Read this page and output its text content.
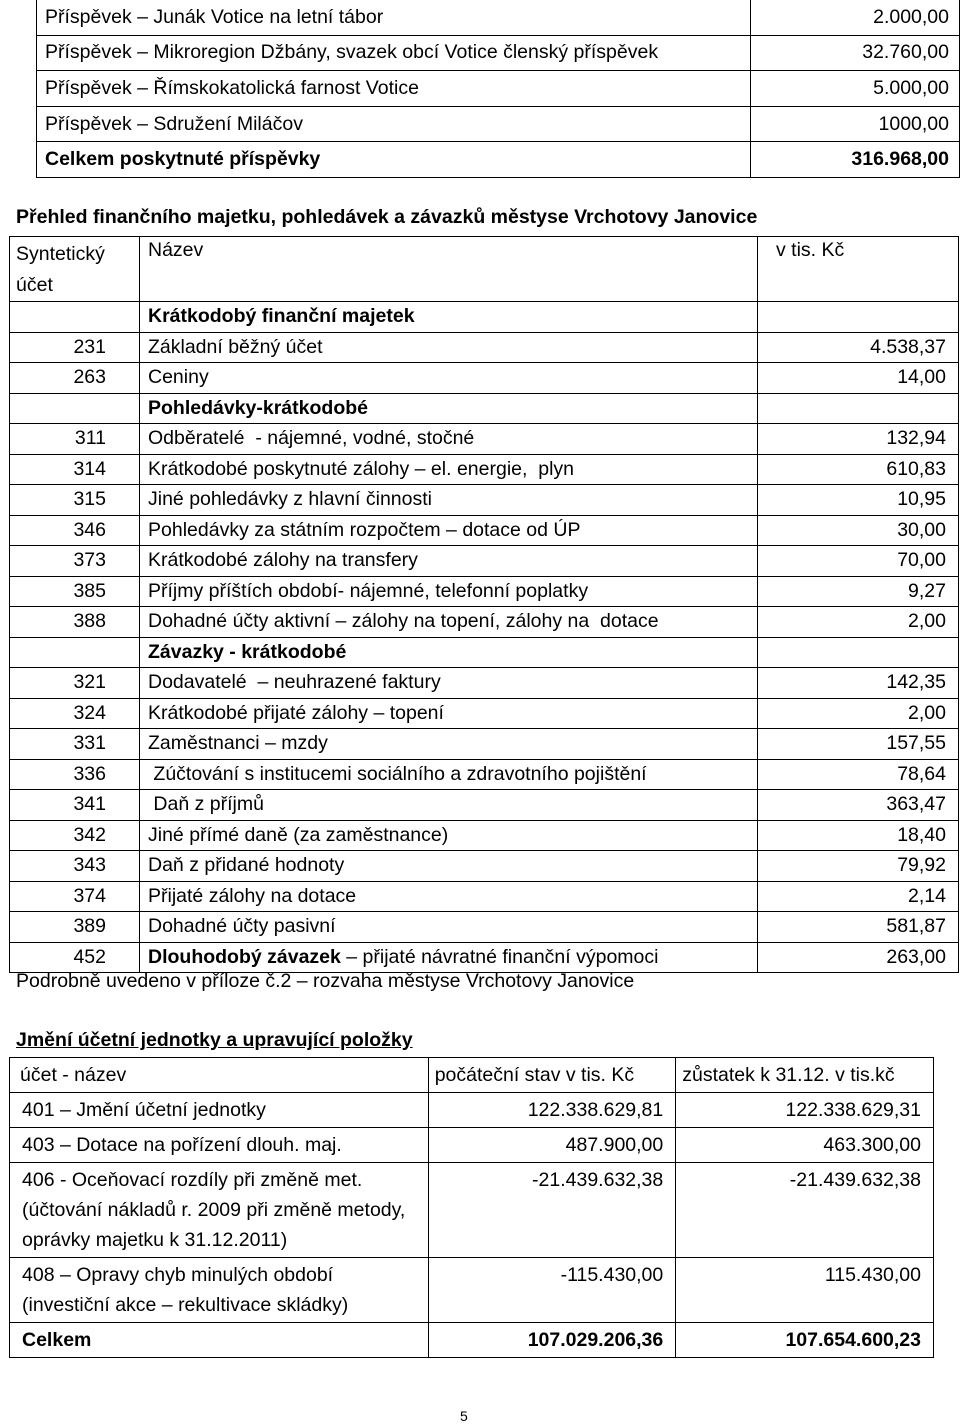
Příspěvek – Junák Votice na letní tábor	2.000,00
Příspěvek – Mikroregion Džbány, svazek obcí Votice členský příspěvek	32.760,00
Příspěvek – Římskokatolická farnost Votice	5.000,00
Příspěvek – Sdružení Miláčov	1000,00
Celkem poskytnuté příspěvky	316.968,00
Přehled finančního majetku, pohledávek a závazků městyse Vrchotovy Janovice
Syntetický účet	Název	v tis. Kč
	Krátkodobý finanční majetek	
231	Základní běžný účet	4.538,37
263	Ceniny	14,00
	Pohledávky-krátkodobé	
311	Odběratelé  - nájemné, vodné, stočné	132,94
314	Krátkodobé poskytnuté zálohy – el. energie,  plyn	610,83
315	Jiné pohledávky z hlavní činnosti	10,95
346	Pohledávky za státním rozpočtem – dotace od ÚP	30,00
373	Krátkodobé zálohy na transfery	70,00
385	Příjmy příštích období- nájemné, telefonní poplatky	9,27
388	Dohadné účty aktivní – zálohy na topení, zálohy na  dotace	2,00
	Závazky - krátkodobé	
321	Dodavatelé  – neuhrazené faktury	142,35
324	Krátkodobé přijaté zálohy – topení	2,00
331	Zaměstnanci – mzdy	157,55
336	Zúčtování s institucemi sociálního a zdravotního pojištění	78,64
341	Daň z příjmů	363,47
342	Jiné přímé daně (za zaměstnance)	18,40
343	Daň z přidané hodnoty	79,92
374	Přijaté zálohy na dotace	2,14
389	Dohadné účty pasivní	581,87
452	Dlouhodobý závazek – přijaté návratné finanční výpomoci	263,00
Podrobně uvedeno v příloze č.2 – rozvaha městyse Vrchotovy Janovice
Jmění účetní jednotky a upravující položky
účet - název	počáteční stav v tis. Kč	zůstatek k 31.12. v tis.kč
401 – Jmění účetní jednotky	122.338.629,81	122.338.629,31
403 – Dotace na pořízení dlouh. maj.	487.900,00	463.300,00
406 - Oceňovací rozdíly při změně met. (účtování nákladů r. 2009 při změně metody, oprávky majetku k 31.12.2011)	-21.439.632,38	-21.439.632,38
408 – Opravy chyb minulých období (investiční akce – rekultivace skládky)	-115.430,00	115.430,00
Celkem	107.029.206,36	107.654.600,23
5
